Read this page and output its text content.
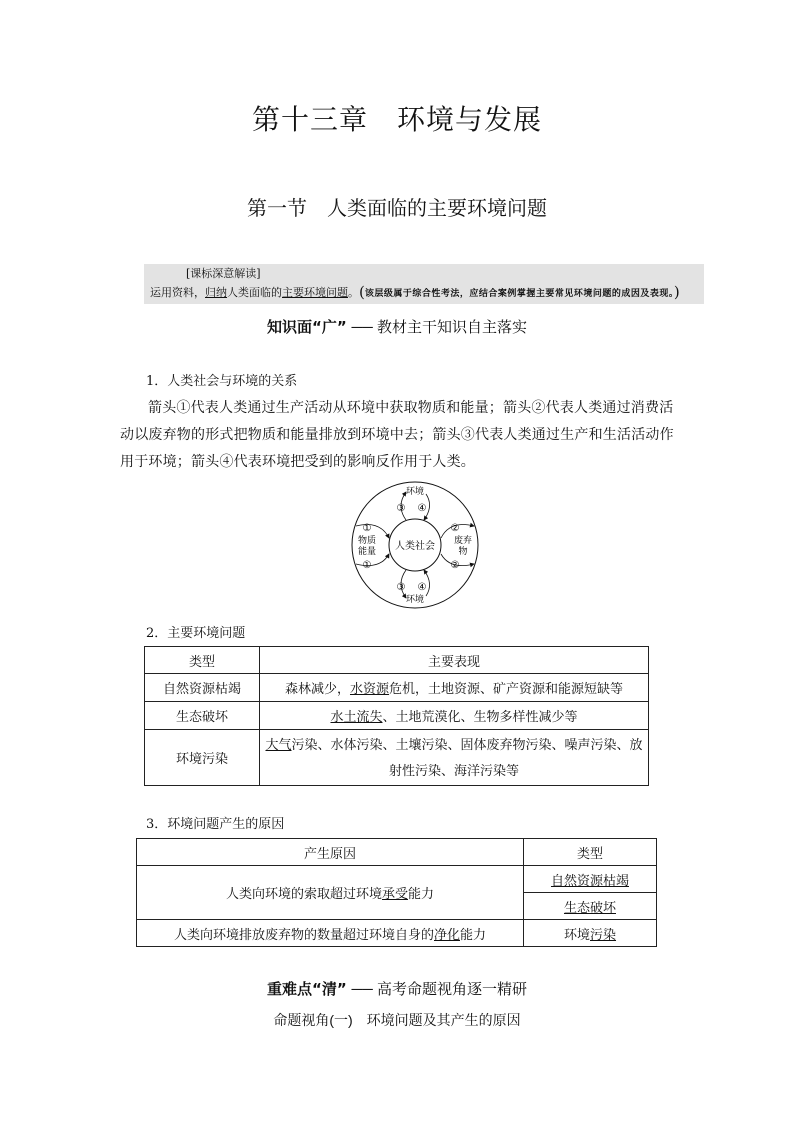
第十三章　环境与发展
第一节　人类面临的主要环境问题
[课标深意解读]
运用资料，归纳人类面临的主要环境问题。(该层级属于综合性考法，应结合案例掌握主要常见环境问题的成因及表现。)
知识面“广” ── 教材主干知识自主落实
1．人类社会与环境的关系
箭头①代表人类通过生产活动从环境中获取物质和能量；箭头②代表人类通过消费活动以废弃物的形式把物质和能量排放到环境中去；箭头③代表人类通过生产和生活活动作用于环境；箭头④代表环境把受到的影响反作用于人类。
人类社会
环境
环境
物质
能量
废弃
物
①
①
②
②
③ ④
③ ④
2．主要环境问题
类型	主要表现
自然资源枯竭	森林减少，水资源危机，土地资源、矿产资源和能源短缺等
生态破坏	水土流失、土地荒漠化、生物多样性减少等
环境污染	大气污染、水体污染、土壤污染、固体废弃物污染、噪声污染、放射性污染、海洋污染等
3．环境问题产生的原因
产生原因	类型
人类向环境的索取超过环境承受能力	自然资源枯竭
	生态破坏
人类向环境排放废弃物的数量超过环境自身的净化能力	环境污染
重难点“清” ── 高考命题视角逐一精研
命题视角(一)　环境问题及其产生的原因
